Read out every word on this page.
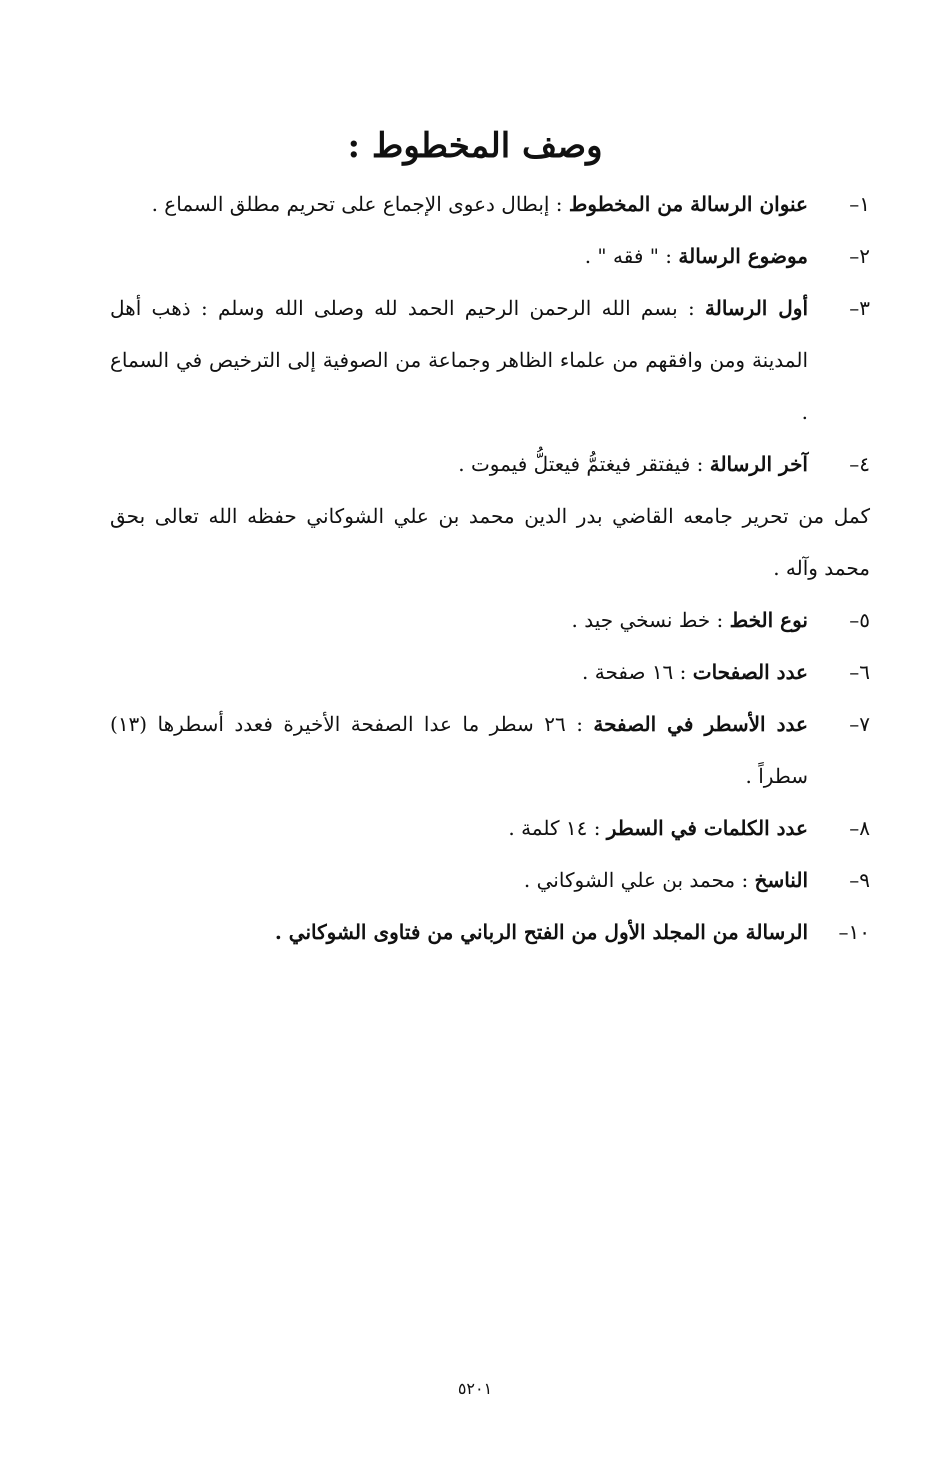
وصف المخطوط :
١–
عنوان الرسالة من المخطوط : إبطال دعوى الإجماع على تحريم مطلق السماع .
٢–
موضوع الرسالة : " فقه " .
٣–
أول الرسالة : بسم الله الرحمن الرحيم الحمد لله وصلى الله وسلم : ذهب أهل المدينة ومن وافقهم من علماء الظاهر وجماعة من الصوفية إلى الترخيص في السماع .
٤–
آخر الرسالة : فيفتقر فيغتمُّ فيعتلُّ فيموت .
كمل من تحرير جامعه القاضي بدر الدين محمد بن علي الشوكاني حفظه الله تعالى بحق محمد وآله .
٥–
نوع الخط : خط نسخي جيد .
٦–
عدد الصفحات : ١٦ صفحة .
٧–
عدد الأسطر في الصفحة : ٢٦ سطر ما عدا الصفحة الأخيرة فعدد أسطرها (١٣) سطراً .
٨–
عدد الكلمات في السطر : ١٤ كلمة .
٩–
الناسخ : محمد بن علي الشوكاني .
١٠–
الرسالة من المجلد الأول من الفتح الرباني من فتاوى الشوكاني .
٥٢٠١
